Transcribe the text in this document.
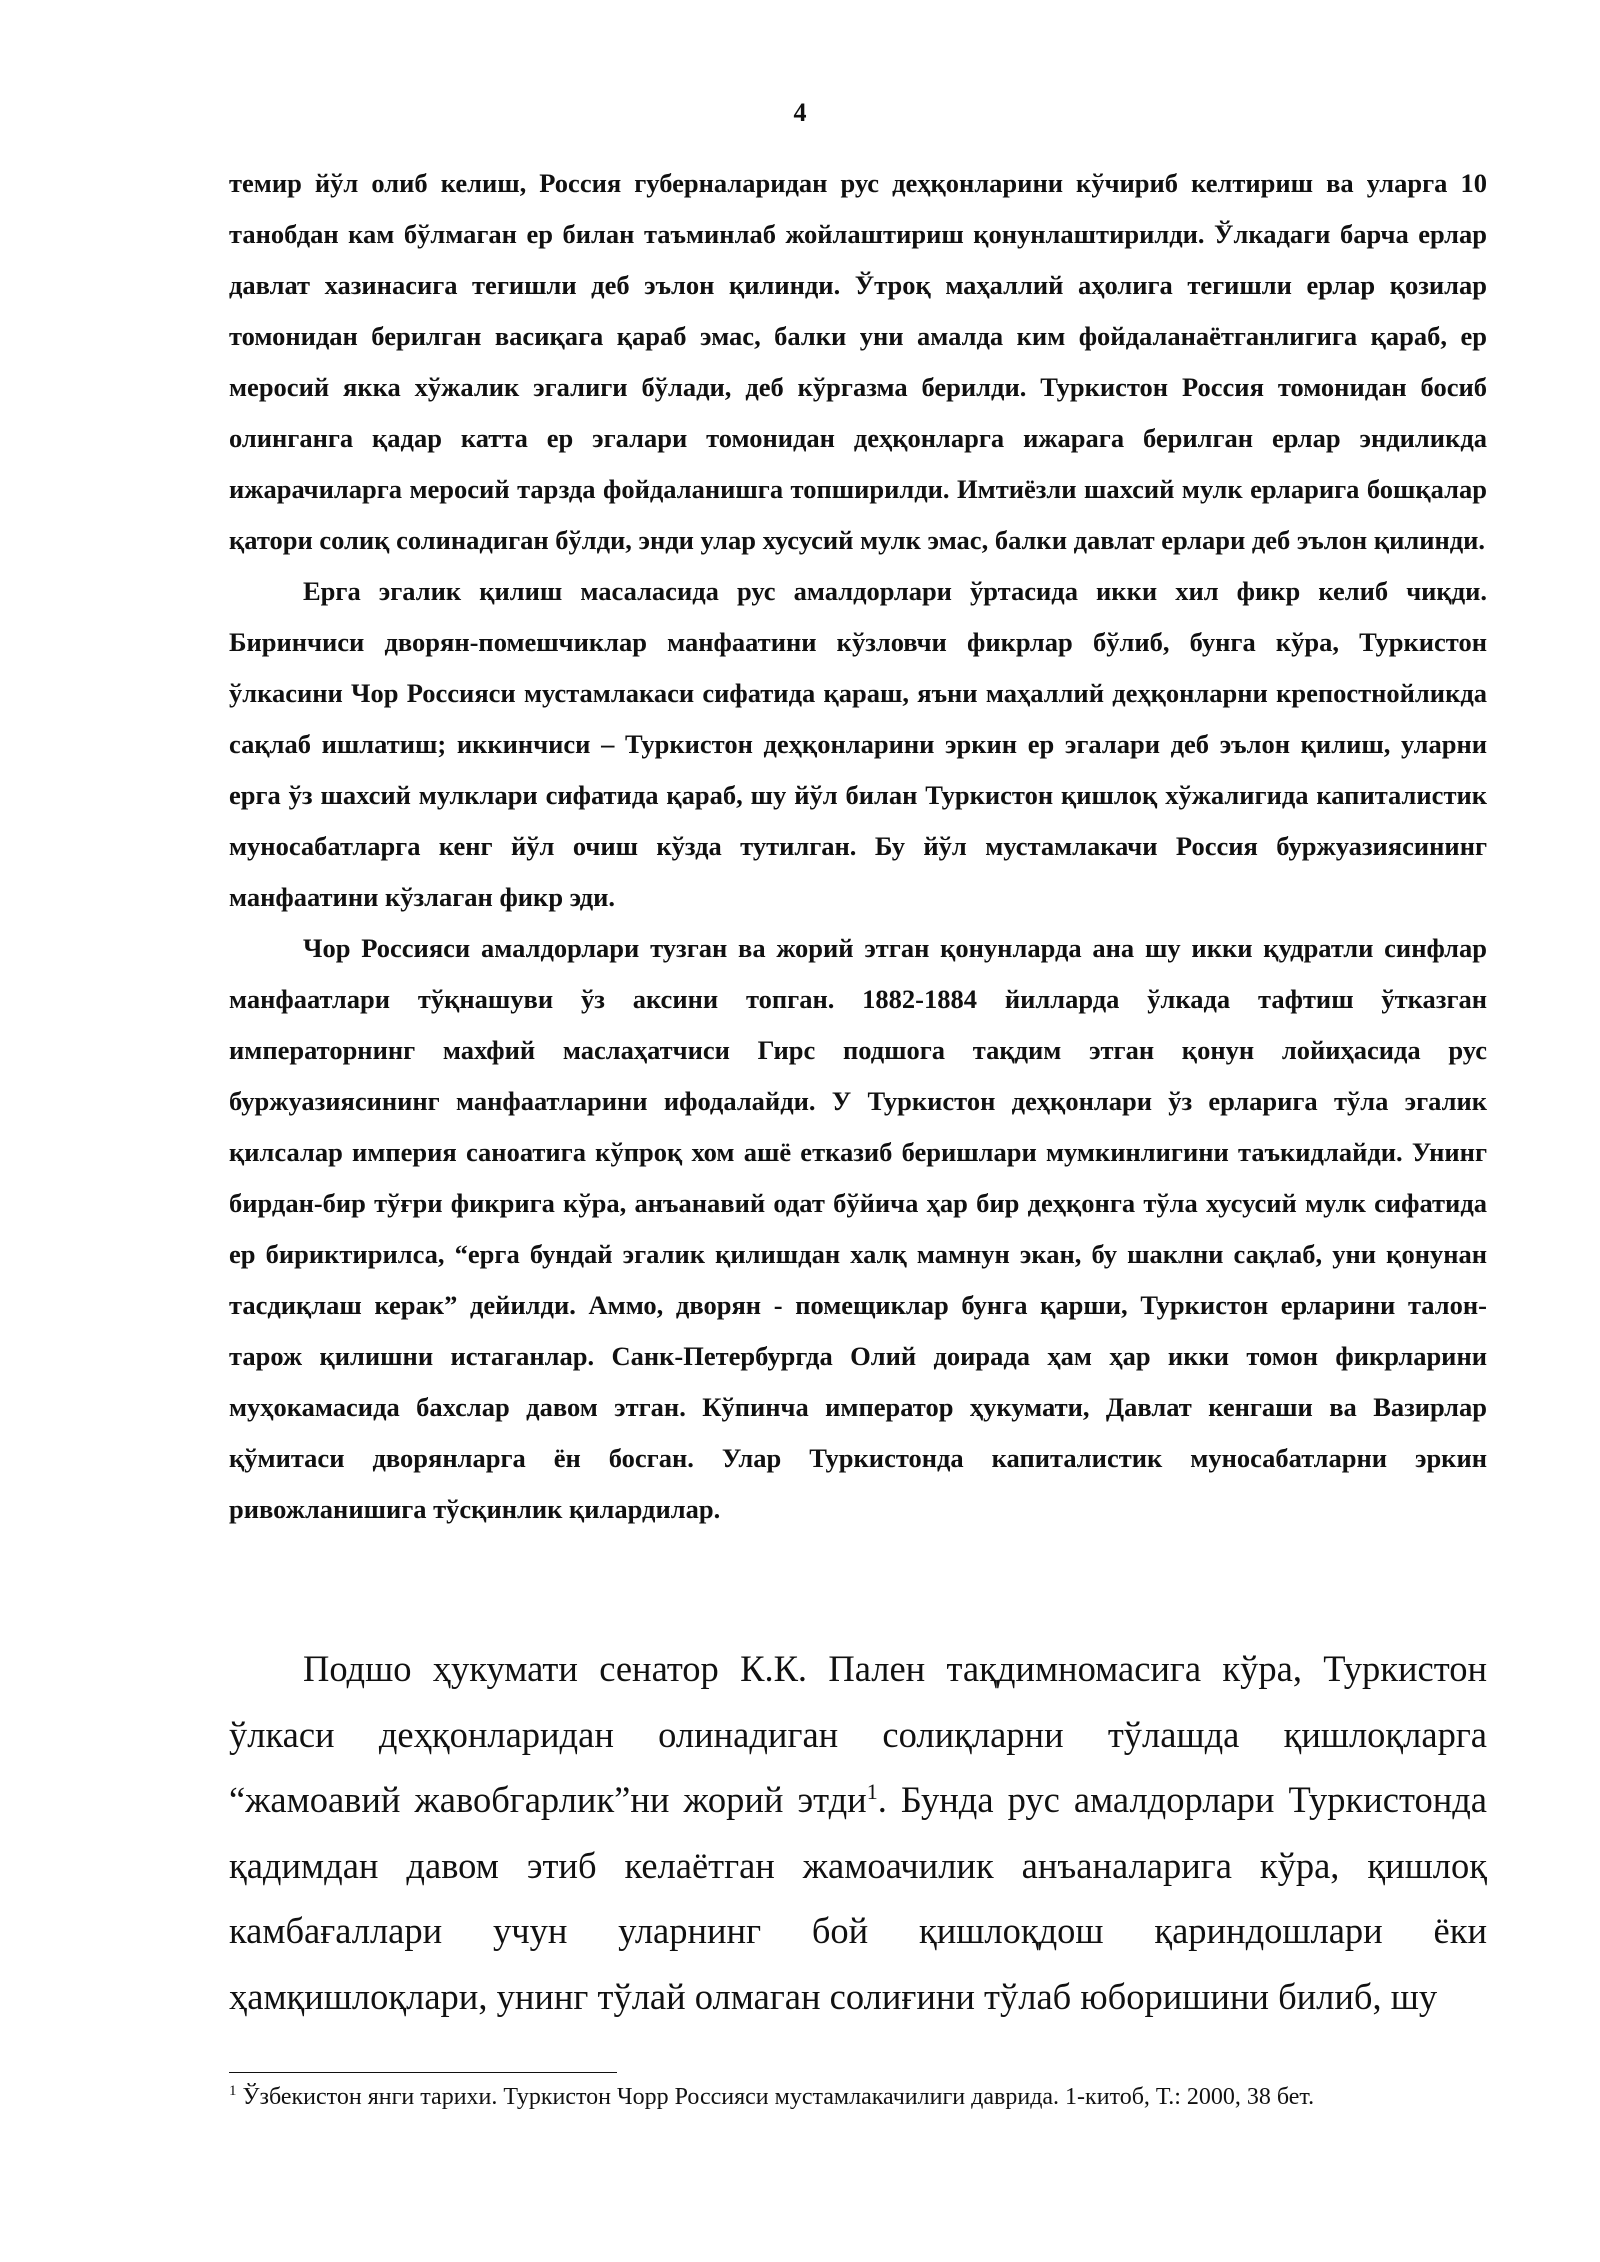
4

темир йўл олиб келиш, Россия губерналаридан рус деҳқонларини кўчириб келтириш ва уларга 10 танобдан кам бўлмаган ер билан таъминлаб жойлаштириш қонунлаштирилди. Ўлкадаги барча ерлар давлат хазинасига тегишли деб эълон қилинди. Ўтроқ маҳаллий аҳолига тегишли ерлар қозилар томонидан берилган васиқага қараб эмас, балки уни амалда ким фойдаланаётганлигига қараб, ер меросий якка хўжалик эгалиги бўлади, деб кўргазма берилди. Туркистон Россия томонидан босиб олинганга қадар катта ер эгалари томонидан деҳқонларга ижарага берилган ерлар эндиликда ижарачиларга меросий тарзда фойдаланишга топширилди. Имтиёзли шахсий мулк ерларига бошқалар қатори солиқ солинадиган бўлди, энди улар хусусий мулк эмас, балки давлат ерлари деб эълон қилинди.

Ерга эгалик қилиш масаласида рус амалдорлари ўртасида икки хил фикр келиб чиқди. Биринчиси дворян-помешчиклар манфаатини кўзловчи фикрлар бўлиб, бунга кўра, Туркистон ўлкасини Чор Россияси мустамлакаси сифатида қараш, яъни маҳаллий деҳқонларни крепостнойликда сақлаб ишлатиш; иккинчиси – Туркистон деҳқонларини эркин ер эгалари деб эълон қилиш, уларни ерга ўз шахсий мулклари сифатида қараб, шу йўл билан Туркистон қишлоқ хўжалигида капиталистик муносабатларга кенг йўл очиш кўзда тутилган. Бу йўл мустамлакачи Россия буржуазиясининг манфаатини кўзлаган фикр эди.

Чор Россияси амалдорлари тузган ва жорий этган қонунларда ана шу икки қудратли синфлар манфаатлари тўқнашуви ўз аксини топган. 1882-1884 йилларда ўлкада тафтиш ўтказган императорнинг махфий маслаҳатчиси Гирс подшога тақдим этган қонун лойиҳасида рус буржуазиясининг манфаатларини ифодалайди. У Туркистон деҳқонлари ўз ерларига тўла эгалик қилсалар империя саноатига кўпроқ хом ашё етказиб беришлари мумкинлигини таъкидлайди. Унинг бирдан-бир тўғри фикрига кўра, анъанавий одат бўйича ҳар бир деҳқонга тўла хусусий мулк сифатида ер бириктирилса, “ерга бундай эгалик қилишдан халқ мамнун экан, бу шаклни сақлаб, уни қонунан тасдиқлаш керак” дейилди. Аммо, дворян - помещиклар бунга қарши, Туркистон ерларини талон-тарож қилишни истаганлар. Санк-Петербургда Олий доирада ҳам ҳар икки томон фикрларини муҳокамасида бахслар давом этган. Кўпинча император ҳукумати, Давлат кенгаши ва Вазирлар қўмитаси дворянларга ён босган. Улар Туркистонда капиталистик муносабатларни эркин ривожланишига тўсқинлик қилардилар.

Подшо ҳукумати сенатор К.К. Пален тақдимномасига кўра, Туркистон ўлкаси деҳқонларидан олинадиган солиқларни тўлашда қишлоқларга “жамоавий жавобгарлик”ни жорий этди$^1$. Бунда рус амалдорлари Туркистонда қадимдан давом этиб келаётган жамоачилик анъаналарига кўра, қишлоқ камбағаллари учун уларнинг бой қишлоқдош қариндошлари ёки ҳамқишлоқлари, унинг тўлай олмаган солиғини тўлаб юборишини билиб, шу

$^1$ Ўзбекистон янги тарихи. Туркистон Чорр Россияси мустамлакачилиги даврида. 1-китоб, Т.: 2000, 38 бет.
